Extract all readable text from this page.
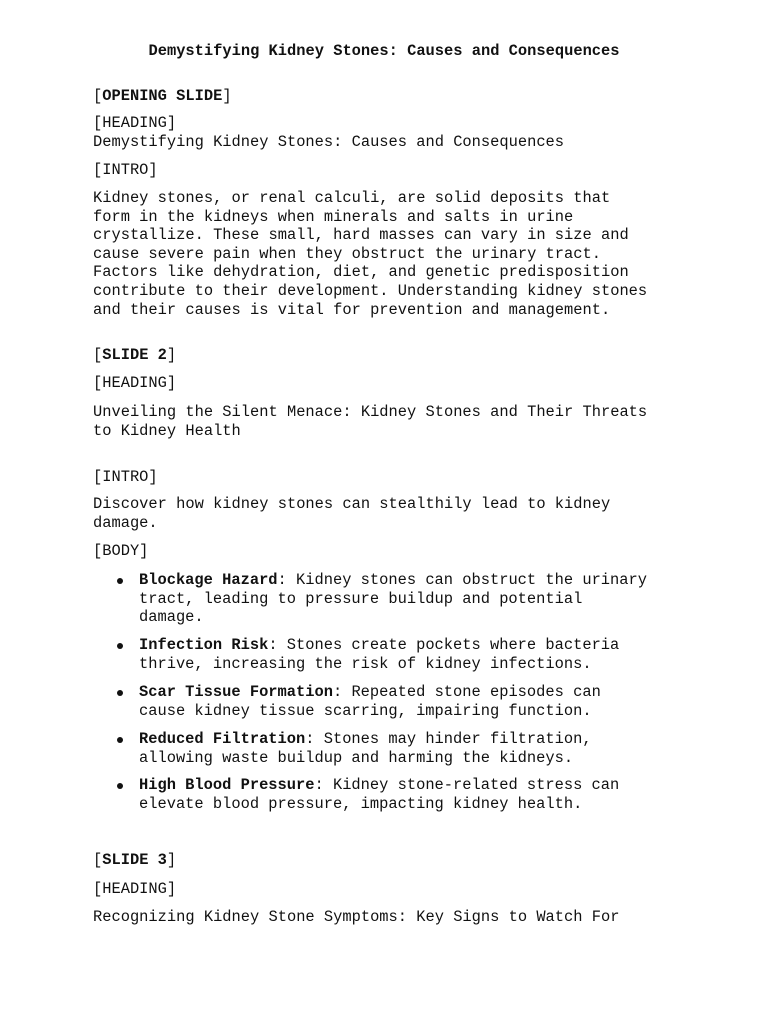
Demystifying Kidney Stones: Causes and Consequences

[OPENING SLIDE]

[HEADING]

Demystifying Kidney Stones: Causes and Consequences

[INTRO]

Kidney stones, or renal calculi, are solid deposits that
form in the kidneys when minerals and salts in urine
crystallize. These small, hard masses can vary in size and
cause severe pain when they obstruct the urinary tract.
Factors like dehydration, diet, and genetic predisposition
contribute to their development. Understanding kidney stones
and their causes is vital for prevention and management.

[SLIDE 2]

[HEADING]

Unveiling the Silent Menace: Kidney Stones and Their Threats
to Kidney Health

[INTRO]

Discover how kidney stones can stealthily lead to kidney
damage.

[BODY]

Blockage Hazard: Kidney stones can obstruct the urinary
tract, leading to pressure buildup and potential
damage.
Infection Risk: Stones create pockets where bacteria
thrive, increasing the risk of kidney infections.
Scar Tissue Formation: Repeated stone episodes can
cause kidney tissue scarring, impairing function.
Reduced Filtration: Stones may hinder filtration,
allowing waste buildup and harming the kidneys.
High Blood Pressure: Kidney stone-related stress can
elevate blood pressure, impacting kidney health.

[SLIDE 3]

[HEADING]

Recognizing Kidney Stone Symptoms: Key Signs to Watch For
